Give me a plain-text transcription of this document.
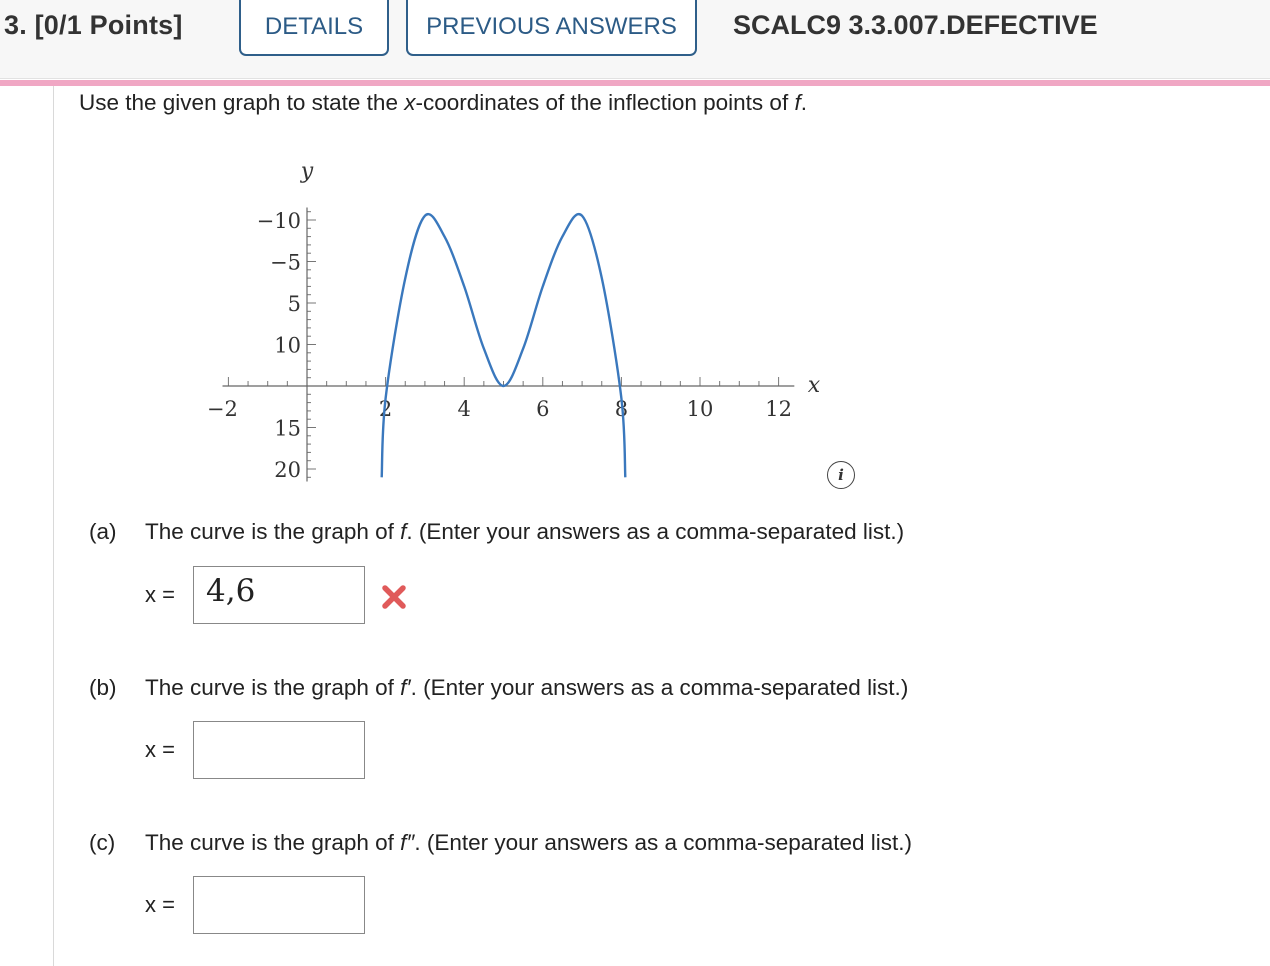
3. [0/1 Points]	DETAILS	PREVIOUS ANSWERS	SCALC9 3.3.007.DEFECTIVE
Use the given graph to state the x-coordinates of the inflection points of f.
−2	2	4	6	8	10 12
20
15
10
5
−5
−10
y
x
i
(a) The curve is the graph of f. (Enter your answers as a comma-separated list.)
x =	4,6
(b) The curve is the graph of f′. (Enter your answers as a comma-separated list.)
x =
(c) The curve is the graph of f″. (Enter your answers as a comma-separated list.)
x =
